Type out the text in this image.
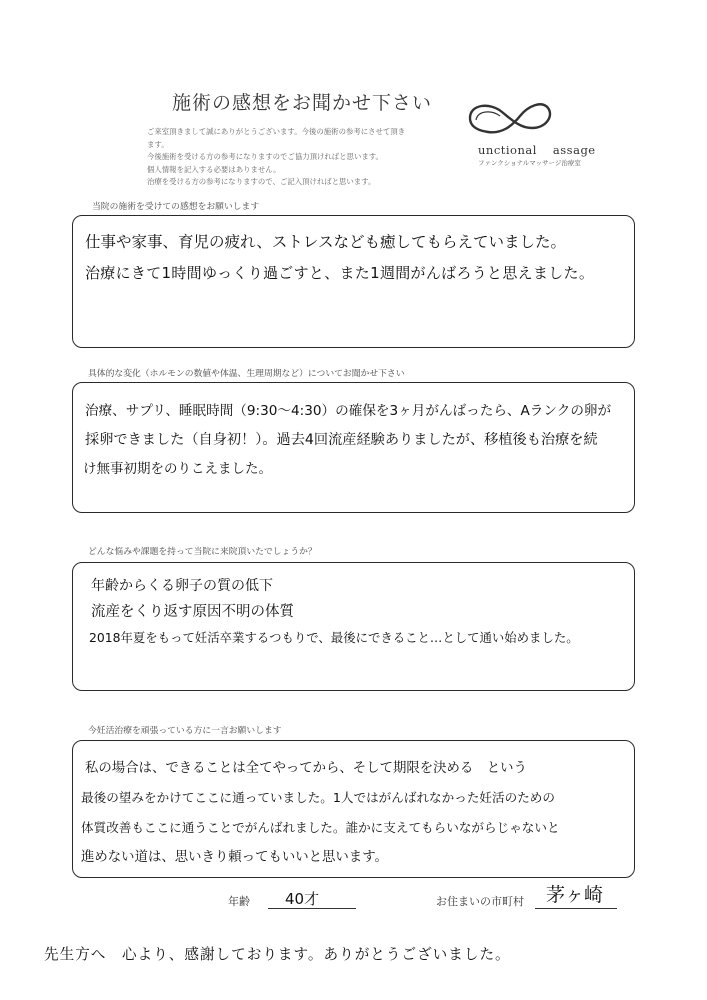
施術の感想をお聞かせ下さい
ご来室頂きまして誠にありがとうございます。今後の施術の参考にさせて頂きます。
今後施術を受ける方の参考になりますのでご協力頂ければと思います。
個人情報を記入する必要はありません。
治療を受ける方の参考になりますので、ご記入頂ければと思います。
unctional assage
ファンクショナルマッサージ治療室
当院の施術を受けての感想をお願いします
仕事や家事、育児の疲れ、ストレスなども癒してもらえていました。
治療にきて1時間ゆっくり過ごすと、また1週間がんばろうと思えました。
具体的な変化（ホルモンの数値や体温、生理周期など）についてお聞かせ下さい
治療、サプリ、睡眠時間（9:30〜4:30）の確保を3ヶ月がんばったら、Aランクの卵が
採卵できました（自身初！）。過去4回流産経験ありましたが、移植後も治療を続
け無事初期をのりこえました。
どんな悩みや課題を持って当院に来院頂いたでしょうか？
年齢からくる卵子の質の低下
流産をくり返す原因不明の体質
2018年夏をもって妊活卒業するつもりで、最後にできること…として通い始めました。
今妊活治療を頑張っている方に一言お願いします
私の場合は、できることは全てやってから、そして期限を決める　という
最後の望みをかけてここに通っていました。1人ではがんばれなかった妊活のための
体質改善もここに通うことでがんばれました。誰かに支えてもらいながらじゃないと
進めない道は、思いきり頼ってもいいと思います。
年齢 40才	お住まいの市町村 茅ヶ崎
先生方へ　心より、感謝しております。ありがとうございました。
